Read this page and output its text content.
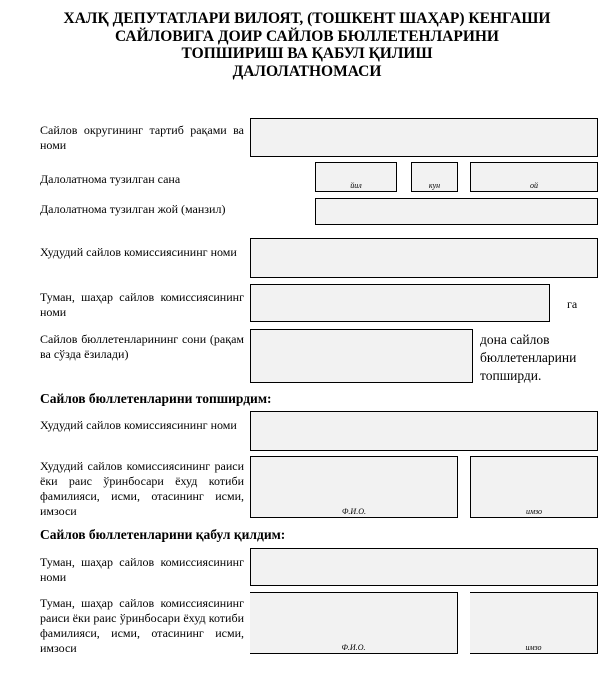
ХАЛҚ ДЕПУТАТЛАРИ ВИЛОЯТ, (ТОШКЕНТ ШАҲАР) КЕНГАШИ
САЙЛОВИГА ДОИР САЙЛОВ БЮЛЛЕТЕНЛАРИНИ
ТОПШИРИШ ВА ҚАБУЛ ҚИЛИШ
ДАЛОЛАТНОМАСИ
Сайлов округининг тартиб рақами ва номи
Далолатнома тузилган сана	йил	кун	ой
Далолатнома тузилган жой (манзил)
Худудий сайлов комиссиясининг номи
Туман, шаҳар сайлов комиссиясининг номи
га
Сайлов бюллетенларининг сони (рақам ва сўзда ёзилади)
дона сайлов
бюллетенларини
топширди.
Сайлов бюллетенларини топширдим:
Худудий сайлов комиссиясининг номи
Худудий сайлов комиссиясининг раиси ёки раис ўринбосари ёхуд котиби фамилияси, исми, отасининг исми, имзоси	Ф.И.О.	имзо
Сайлов бюллетенларини қабул қилдим:
Туман, шаҳар сайлов комиссиясининг номи
Туман, шаҳар сайлов комиссиясининг раиси ёки раис ўринбосари ёхуд котиби фамилияси, исми, отасининг исми, имзоси	Ф.И.О.	имзо
